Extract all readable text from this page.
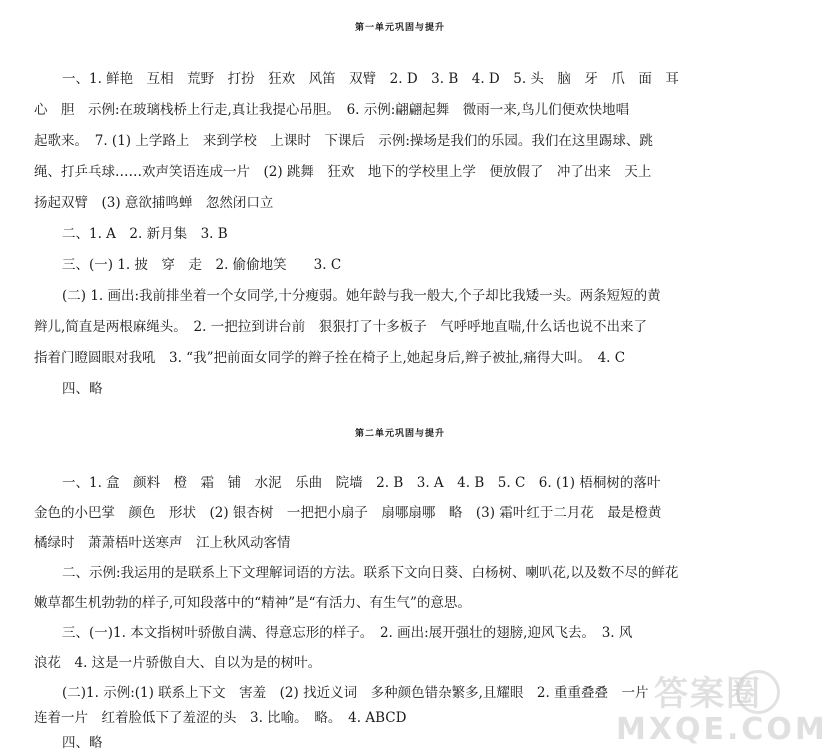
第一单元巩固与提升
一、1. 鲜艳　互相　荒野　打扮　狂欢　风笛　双臂　2. D　3. B　4. D　5. 头　脑　牙　爪　面　耳
心　胆　示例:在玻璃栈桥上行走,真让我提心吊胆。　6. 示例:翩翩起舞　微雨一来,鸟儿们便欢快地唱
起歌来。　7. (1) 上学路上　来到学校　上课时　下课后　示例:操场是我们的乐园。我们在这里踢球、跳
绳、打乒乓球……欢声笑语连成一片　(2) 跳舞　狂欢　地下的学校里上学　便放假了　冲了出来　天上
扬起双臂　(3) 意欲捕鸣蝉　忽然闭口立
二、1. A　2. 新月集　3. B
三、(一) 1. 披　穿　走　2. 偷偷地笑　　3. C
(二) 1. 画出:我前排坐着一个女同学,十分瘦弱。她年龄与我一般大,个子却比我矮一头。两条短短的黄
辫儿,简直是两根麻绳头。　2. 一把拉到讲台前　狠狠打了十多板子　气呼呼地直喘,什么话也说不出来了
指着门瞪圆眼对我吼　3. “我”把前面女同学的辫子拴在椅子上,她起身后,辫子被扯,痛得大叫。　4. C
四、略
第二单元巩固与提升
一、1. 盒　颜料　橙　霜　铺　水泥　乐曲　院墙　2. B　3. A　4. B　5. C　6. (1) 梧桐树的落叶
金色的小巴掌　颜色　形状　(2) 银杏树　一把把小扇子　扇哪扇哪　略　(3) 霜叶红于二月花　最是橙黄
橘绿时　萧萧梧叶送寒声　江上秋风动客情
二、示例:我运用的是联系上下文理解词语的方法。联系下文向日葵、白杨树、喇叭花,以及数不尽的鲜花
嫩草都生机勃勃的样子,可知段落中的“精神”是“有活力、有生气”的意思。
三、(一)1. 本文指树叶骄傲自满、得意忘形的样子。　2. 画出:展开强壮的翅膀,迎风飞去。　3. 风
浪花　4. 这是一片骄傲自大、自以为是的树叶。
(二)1. 示例:(1) 联系上下文　害羞　(2) 找近义词　多种颜色错杂繁多,且耀眼　2. 重重叠叠　一片
连着一片　红着脸低下了羞涩的头　3. 比喻。　略。　4. ABCD
四、略
答案圈
MXQE.COM
